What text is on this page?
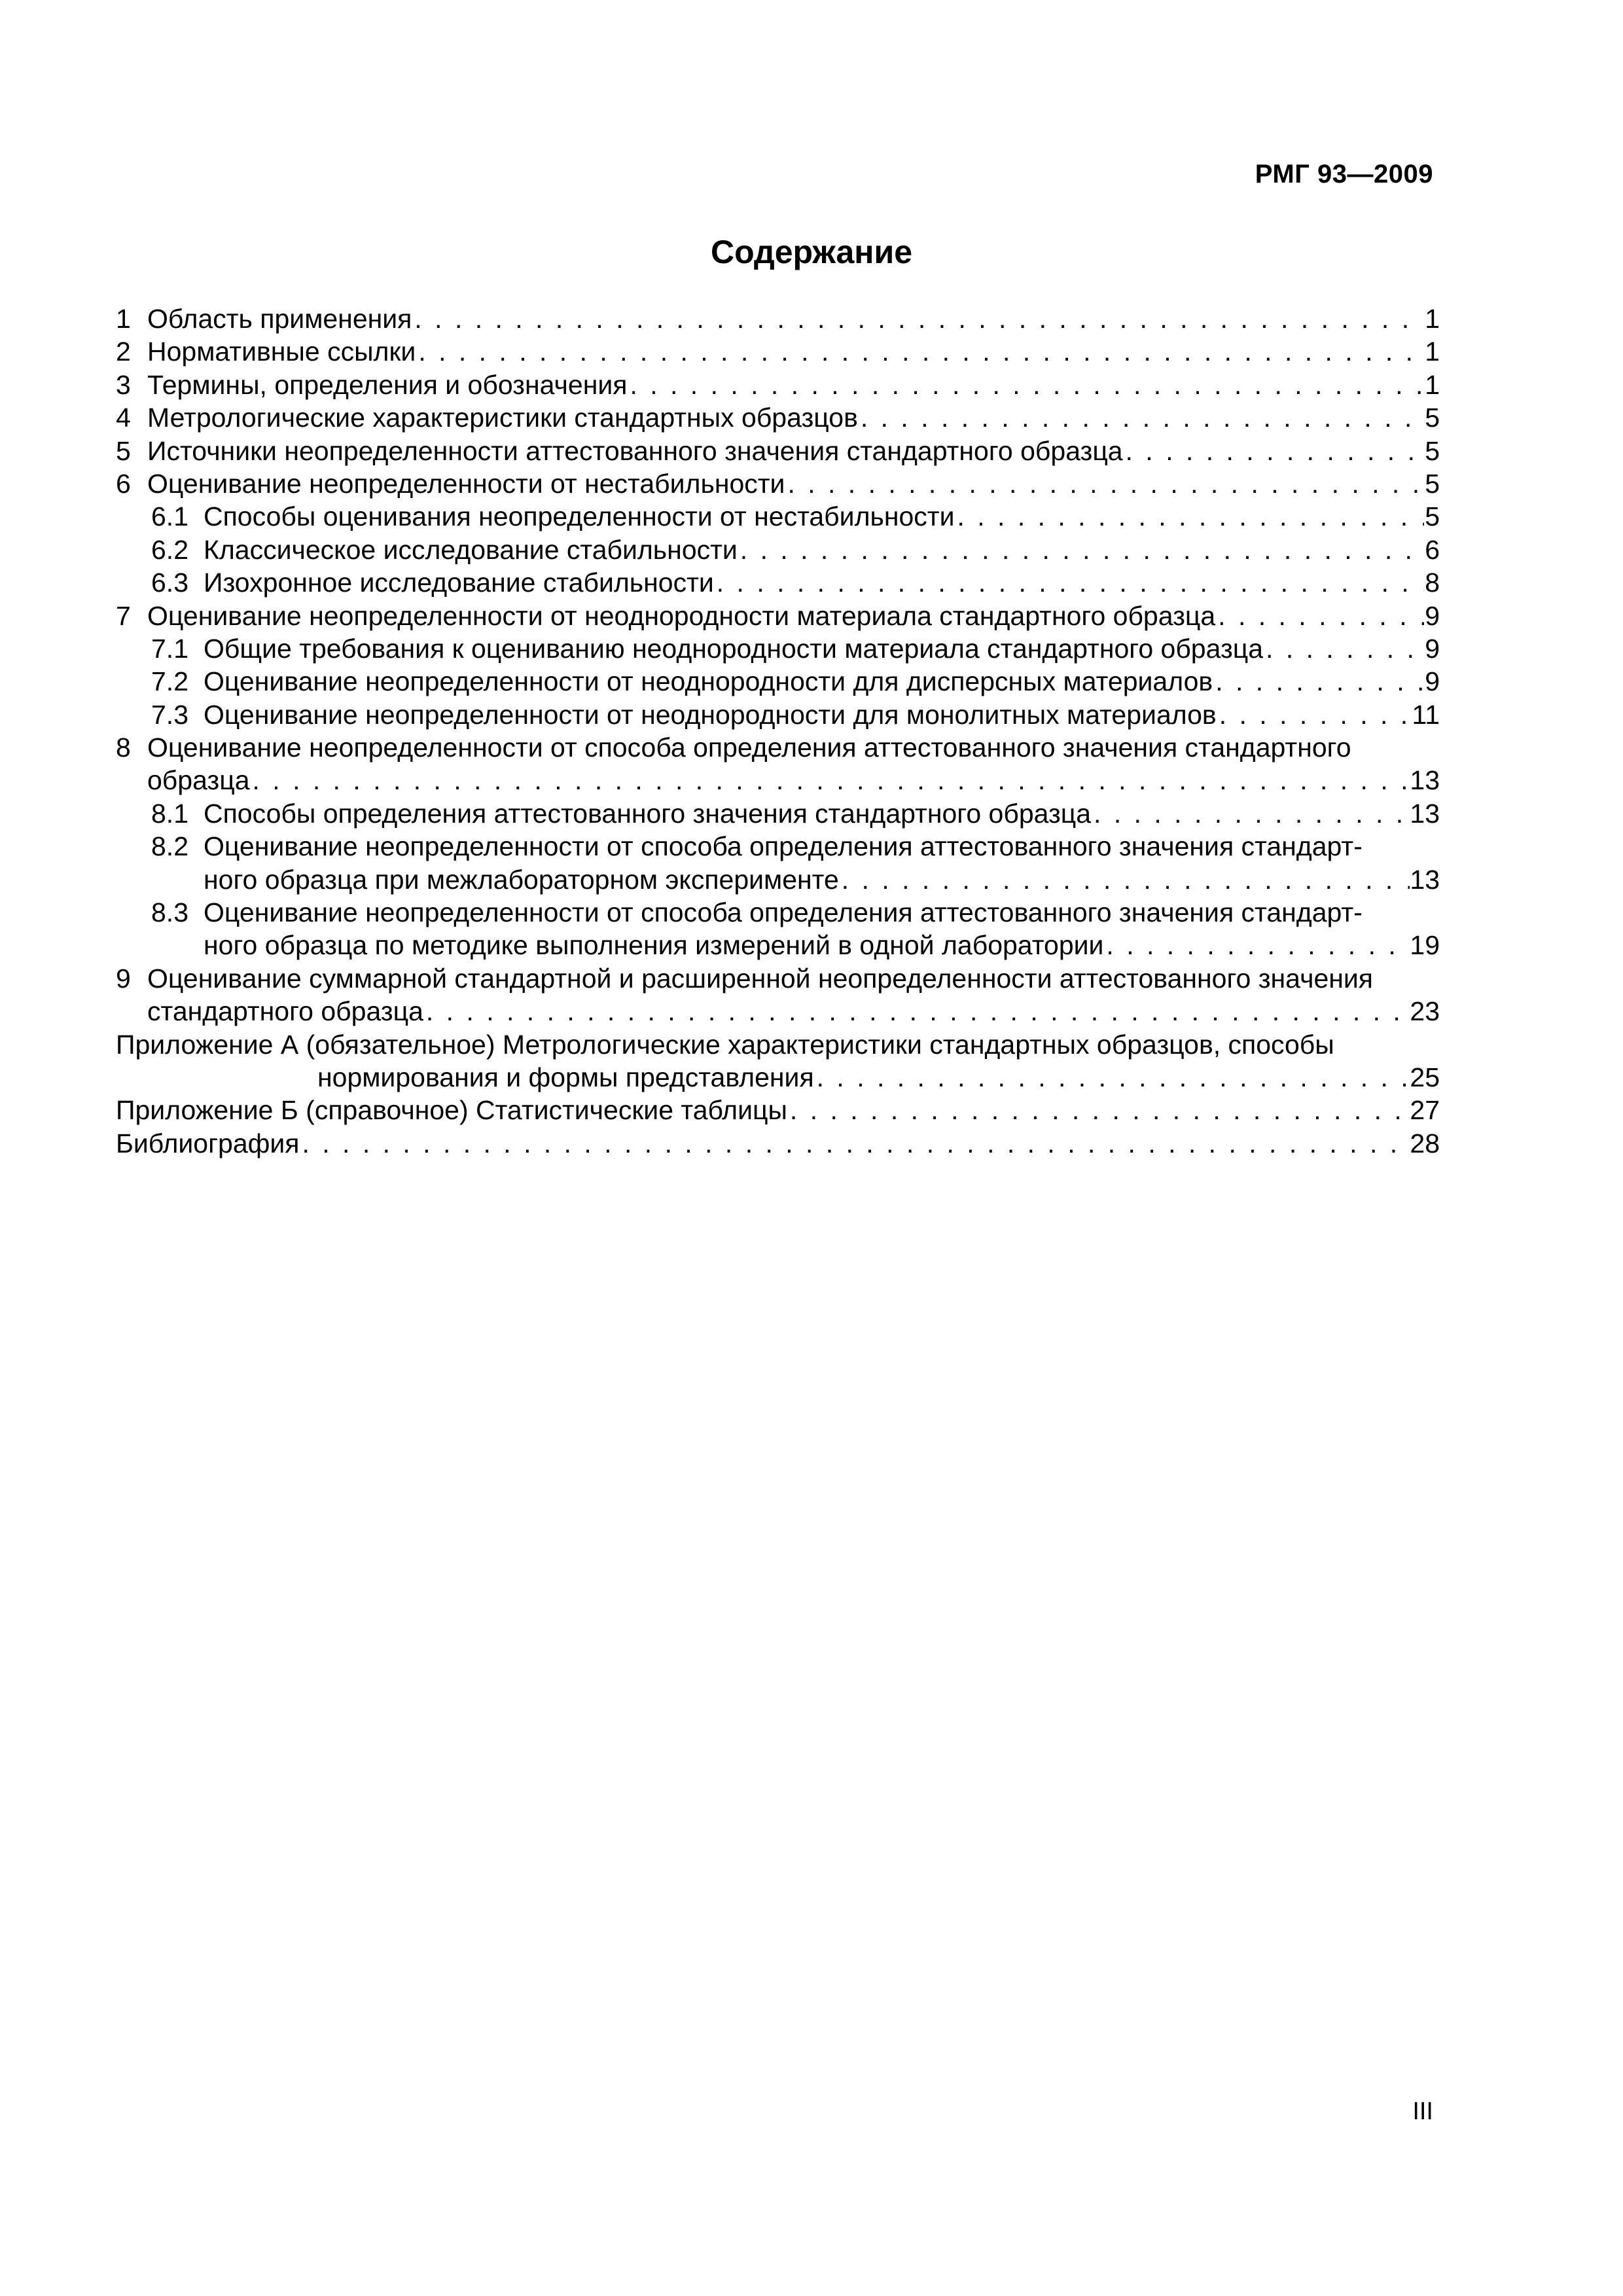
РМГ 93—2009
Содержание
1 Область применения . . .	1
2 Нормативные ссылки . . .	1
3 Термины, определения и обозначения . . .	1
4 Метрологические характеристики стандартных образцов . . .	5
5 Источники неопределенности аттестованного значения стандартного образца . . .	5
6 Оценивание неопределенности от нестабильности . . .	5
6.1 Способы оценивания неопределенности от нестабильности . . .	5
6.2 Классическое исследование стабильности . . .	6
6.3 Изохронное исследование стабильности . . .	8
7 Оценивание неопределенности от неоднородности материала стандартного образца . . .	9
7.1 Общие требования к оцениванию неоднородности материала стандартного образца . . .	9
7.2 Оценивание неопределенности от неоднородности для дисперсных материалов . . .	9
7.3 Оценивание неопределенности от неоднородности для монолитных материалов . . .	11
8 Оценивание неопределенности от способа определения аттестованного значения стандартного
образца . . .	13
8.1 Способы определения аттестованного значения стандартного образца . . .	13
8.2 Оценивание неопределенности от способа определения аттестованного значения стандарт-
ного образца при межлабораторном эксперименте . . .	13
8.3 Оценивание неопределенности от способа определения аттестованного значения стандарт-
ного образца по методике выполнения измерений в одной лаборатории . . .	19
9 Оценивание суммарной стандартной и расширенной неопределенности аттестованного значения
стандартного образца . . .	23
Приложение А (обязательное) Метрологические характеристики стандартных образцов, способы
нормирования и формы представления . . .	25
Приложение Б (справочное) Статистические таблицы . . .	27
Библиография . . .	28
III
